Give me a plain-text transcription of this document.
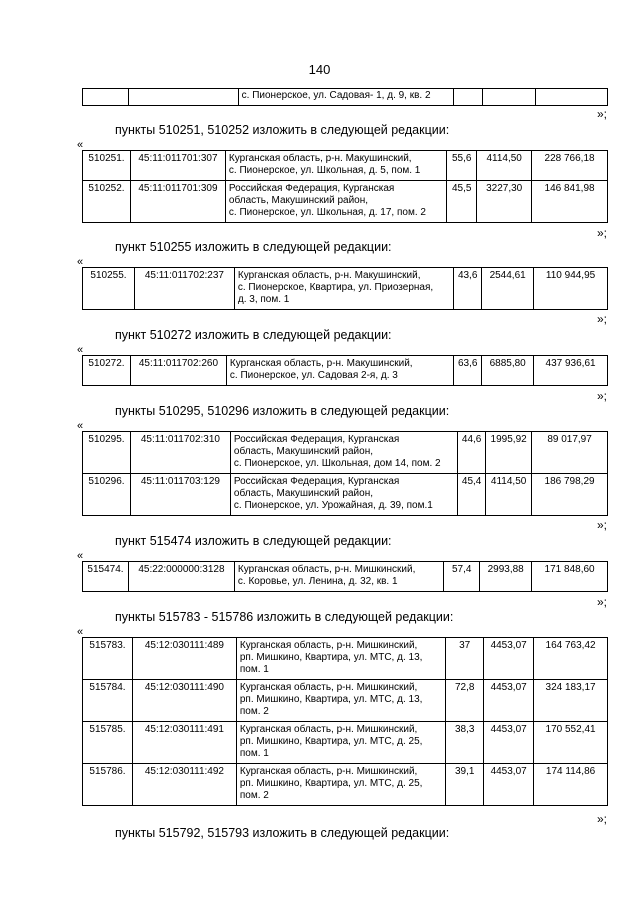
140
		с. Пионерское, ул. Садовая- 1, д. 9, кв. 2			
»;
пункты 510251, 510252 изложить в следующей редакции:
«
510251.	45:11:011701:307	Курганская область, р-н. Макушинский,
с. Пионерское, ул. Школьная, д. 5, пом. 1	55,6	4114,50	228 766,18
510252.	45:11:011701:309	Российская Федерация, Курганская
область, Макушинский район,
с. Пионерское, ул. Школьная, д. 17, пом. 2	45,5	3227,30	146 841,98
»;
пункт 510255 изложить в следующей редакции:
«
510255.	45:11:011702:237	Курганская область, р-н. Макушинский,
с. Пионерское, Квартира, ул. Приозерная,
д. 3, пом. 1	43,6	2544,61	110 944,95
»;
пункт 510272 изложить в следующей редакции:
«
510272.	45:11:011702:260	Курганская область, р-н. Макушинский,
с. Пионерское, ул. Садовая 2-я, д. 3	63,6	6885,80	437 936,61
»;
пункты 510295, 510296 изложить в следующей редакции:
«
510295.	45:11:011702:310	Российская Федерация, Курганская
область, Макушинский район,
с. Пионерское, ул. Школьная, дом 14, пом. 2	44,6	1995,92	89 017,97
510296.	45:11:011703:129	Российская Федерация, Курганская
область, Макушинский район,
с. Пионерское, ул. Урожайная, д. 39, пом.1	45,4	4114,50	186 798,29
»;
пункт 515474 изложить в следующей редакции:
«
515474.	45:22:000000:3128	Курганская область, р-н. Мишкинский,
с. Коровье, ул. Ленина, д. 32, кв. 1	57,4	2993,88	171 848,60
»;
пункты 515783 - 515786 изложить в следующей редакции:
«
515783.	45:12:030111:489	Курганская область, р-н. Мишкинский,
рп. Мишкино, Квартира, ул. МТС, д. 13,
пом. 1	37	4453,07	164 763,42
515784.	45:12:030111:490	Курганская область, р-н. Мишкинский,
рп. Мишкино, Квартира, ул. МТС, д. 13,
пом. 2	72,8	4453,07	324 183,17
515785.	45:12:030111:491	Курганская область, р-н. Мишкинский,
рп. Мишкино, Квартира, ул. МТС, д. 25,
пом. 1	38,3	4453,07	170 552,41
515786.	45:12:030111:492	Курганская область, р-н. Мишкинский,
рп. Мишкино, Квартира, ул. МТС, д. 25,
пом. 2	39,1	4453,07	174 114,86
»;
пункты 515792, 515793 изложить в следующей редакции:
